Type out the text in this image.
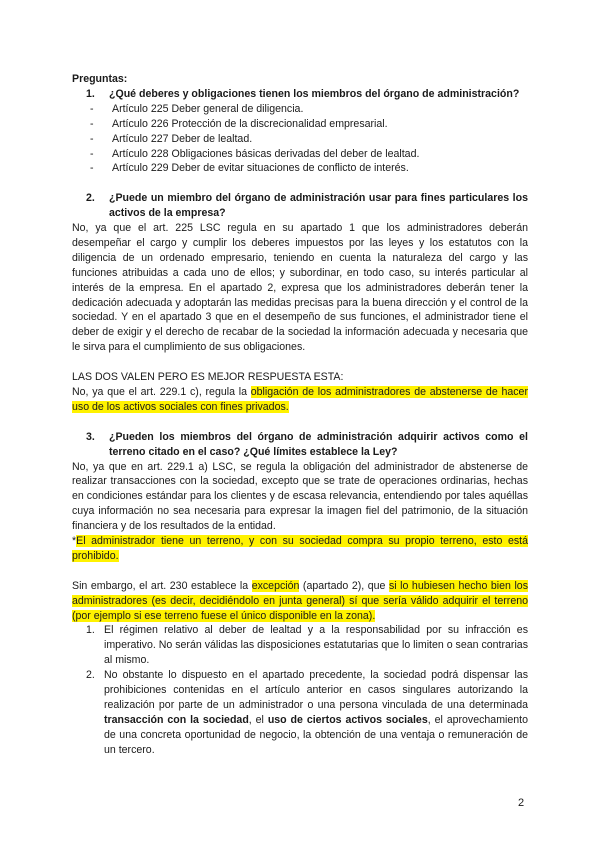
Preguntas:

1.	¿Qué deberes y obligaciones tienen los miembros del órgano de administración?
-	Artículo 225 Deber general de diligencia.
-	Artículo 226 Protección de la discrecionalidad empresarial.
-	Artículo 227 Deber de lealtad.
-	Artículo 228 Obligaciones básicas derivadas del deber de lealtad.
-	Artículo 229 Deber de evitar situaciones de conflicto de interés.
2.	¿Puede un miembro del órgano de administración usar para fines particulares los activos de la empresa?

No, ya que el art. 225 LSC regula en su apartado 1 que los administradores deberán desempeñar el cargo y cumplir los deberes impuestos por las leyes y los estatutos con la diligencia de un ordenado empresario, teniendo en cuenta la naturaleza del cargo y las funciones atribuidas a cada uno de ellos; y subordinar, en todo caso, su interés particular al interés de la empresa. En el apartado 2, expresa que los administradores deberán tener la dedicación adecuada y adoptarán las medidas precisas para la buena dirección y el control de la sociedad. Y en el apartado 3 que en el desempeño de sus funciones, el administrador tiene el deber de exigir y el derecho de recabar de la sociedad la información adecuada y necesaria que le sirva para el cumplimiento de sus obligaciones.

LAS DOS VALEN PERO ES MEJOR RESPUESTA ESTA:

No, ya que el art. 229.1 c), regula la obligación de los administradores de abstenerse de hacer uso de los activos sociales con fines privados.

3.	¿Pueden los miembros del órgano de administración adquirir activos como el terreno citado en el caso? ¿Qué límites establece la Ley?

No, ya que en art. 229.1 a) LSC, se regula la obligación del administrador de abstenerse de realizar transacciones con la sociedad, excepto que se trate de operaciones ordinarias, hechas en condiciones estándar para los clientes y de escasa relevancia, entendiendo por tales aquéllas cuya información no sea necesaria para expresar la imagen fiel del patrimonio, de la situación financiera y de los resultados de la entidad.

*El administrador tiene un terreno, y con su sociedad compra su propio terreno, esto está prohibido.

Sin embargo, el art. 230 establece la excepción (apartado 2), que si lo hubiesen hecho bien los administradores (es decir, decidiéndolo en junta general) sí que sería válido adquirir el terreno (por ejemplo si ese terreno fuese el único disponible en la zona).

1. El régimen relativo al deber de lealtad y a la responsabilidad por su infracción es imperativo. No serán válidas las disposiciones estatutarias que lo limiten o sean contrarias al mismo.
2. No obstante lo dispuesto en el apartado precedente, la sociedad podrá dispensar las prohibiciones contenidas en el artículo anterior en casos singulares autorizando la realización por parte de un administrador o una persona vinculada de una determinada transacción con la sociedad, el uso de ciertos activos sociales, el aprovechamiento de una concreta oportunidad de negocio, la obtención de una ventaja o remuneración de un tercero.
2
